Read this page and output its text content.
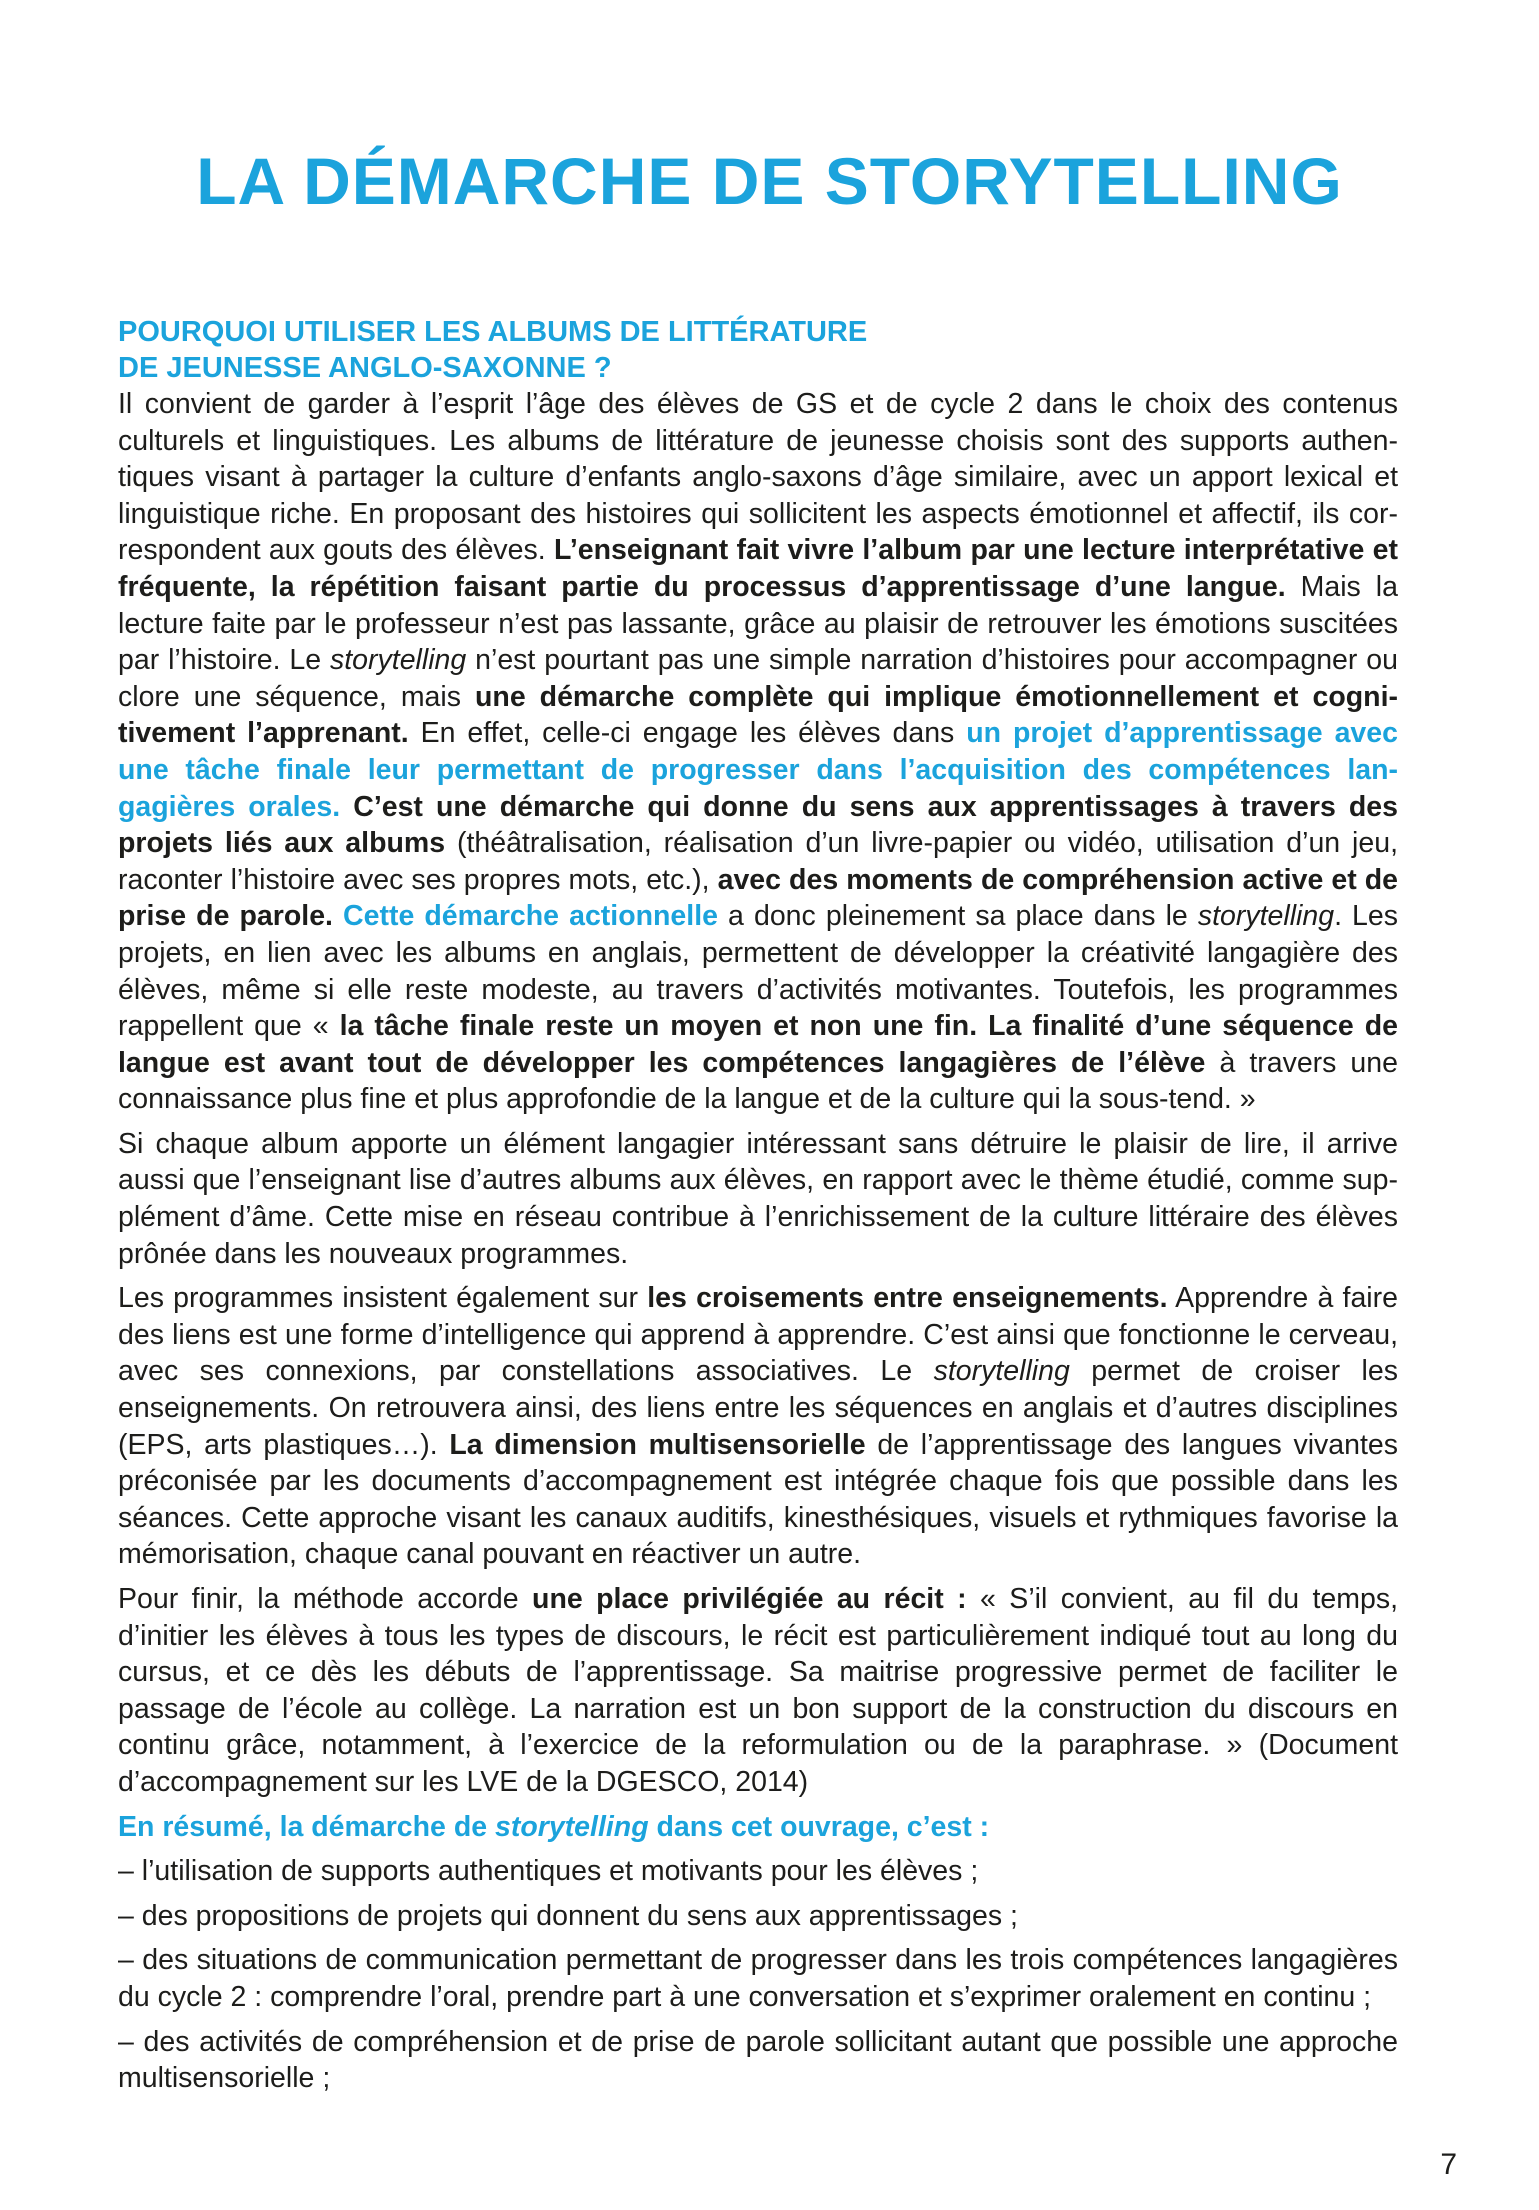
LA DÉMARCHE DE STORYTELLING
POURQUOI UTILISER LES ALBUMS DE LITTÉRATURE
DE JEUNESSE ANGLO-SAXONNE ?

Il convient de garder à l’esprit l’âge des élèves de GS et de cycle 2 dans le choix des contenus culturels et linguistiques. Les albums de littérature de jeunesse choisis sont des supports authentiques visant à partager la culture d’enfants anglo-saxons d’âge similaire, avec un apport lexical et linguistique riche. En proposant des histoires qui sollicitent les aspects émotionnel et affectif, ils correspondent aux gouts des élèves. L’enseignant fait vivre l’album par une lecture interprétative et fréquente, la répétition faisant partie du processus d’apprentissage d’une langue. Mais la lecture faite par le professeur n’est pas lassante, grâce au plaisir de retrouver les émotions suscitées par l’histoire. Le storytelling n’est pourtant pas une simple narration d’histoires pour accompagner ou clore une séquence, mais une démarche complète qui implique émotionnellement et cognitivement l’apprenant. En effet, celle-ci engage les élèves dans un projet d’apprentissage avec une tâche finale leur permettant de progresser dans l’acquisition des compétences langagières orales. C’est une démarche qui donne du sens aux apprentissages à travers des projets liés aux albums (théâtralisation, réalisation d’un livre-papier ou vidéo, utilisation d’un jeu, raconter l’histoire avec ses propres mots, etc.), avec des moments de compréhension active et de prise de parole. Cette démarche actionnelle a donc pleinement sa place dans le storytelling. Les projets, en lien avec les albums en anglais, permettent de développer la créativité langagière des élèves, même si elle reste modeste, au travers d’activités motivantes. Toutefois, les programmes rappellent que « la tâche finale reste un moyen et non une fin. La finalité d’une séquence de langue est avant tout de développer les compétences langagières de l’élève à travers une connaissance plus fine et plus approfondie de la langue et de la culture qui la sous-tend. »

Si chaque album apporte un élément langagier intéressant sans détruire le plaisir de lire, il arrive aussi que l’enseignant lise d’autres albums aux élèves, en rapport avec le thème étudié, comme supplément d’âme. Cette mise en réseau contribue à l’enrichissement de la culture littéraire des élèves prônée dans les nouveaux programmes.

Les programmes insistent également sur les croisements entre enseignements. Apprendre à faire des liens est une forme d’intelligence qui apprend à apprendre. C’est ainsi que fonctionne le cerveau, avec ses connexions, par constellations associatives. Le storytelling permet de croiser les enseignements. On retrouvera ainsi, des liens entre les séquences en anglais et d’autres disciplines (EPS, arts plastiques…). La dimension multisensorielle de l’apprentissage des langues vivantes préconisée par les documents d’accompagnement est intégrée chaque fois que possible dans les séances. Cette approche visant les canaux auditifs, kinesthésiques, visuels et rythmiques favorise la mémorisation, chaque canal pouvant en réactiver un autre.

Pour finir, la méthode accorde une place privilégiée au récit : « S’il convient, au fil du temps, d’initier les élèves à tous les types de discours, le récit est particulièrement indiqué tout au long du cursus, et ce dès les débuts de l’apprentissage. Sa maitrise progressive permet de faciliter le passage de l’école au collège. La narration est un bon support de la construction du discours en continu grâce, notamment, à l’exercice de la reformulation ou de la paraphrase. » (Document d’accompagnement sur les LVE de la DGESCO, 2014)

En résumé, la démarche de storytelling dans cet ouvrage, c’est :

– l’utilisation de supports authentiques et motivants pour les élèves ;
– des propositions de projets qui donnent du sens aux apprentissages ;
– des situations de communication permettant de progresser dans les trois compétences langagières du cycle 2 : comprendre l’oral, prendre part à une conversation et s’exprimer oralement en continu ;
– des activités de compréhension et de prise de parole sollicitant autant que possible une approche multisensorielle ;
7
